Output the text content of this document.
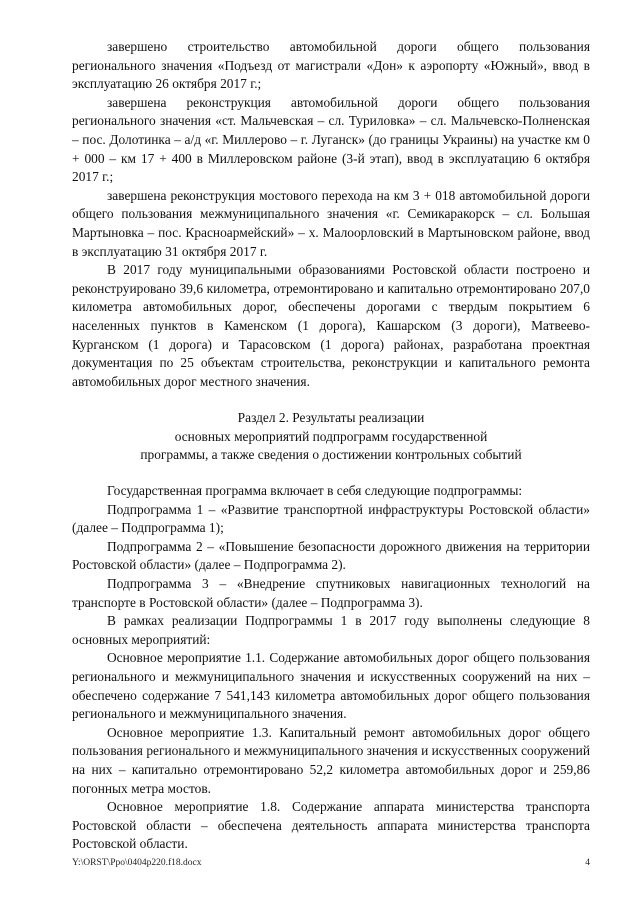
завершено строительство автомобильной дороги общего пользования регионального значения «Подъезд от магистрали «Дон» к аэропорту «Южный», ввод в эксплуатацию 26 октября 2017 г.;

завершена реконструкция автомобильной дороги общего пользования регионального значения «ст. Мальчевская – сл. Туриловка» – сл. Мальчевско-Полненская – пос. Долотинка – а/д «г. Миллерово – г. Луганск» (до границы Украины) на участке км 0 + 000 – км 17 + 400 в Миллеровском районе (3-й этап), ввод в эксплуатацию 6 октября 2017 г.;

завершена реконструкция мостового перехода на км 3 + 018 автомобильной дороги общего пользования межмуниципального значения «г. Семикаракорск – сл. Большая Мартыновка – пос. Красноармейский» – х. Малоорловский в Мартыновском районе, ввод в эксплуатацию 31 октября 2017 г.

В 2017 году муниципальными образованиями Ростовской области построено и реконструировано 39,6 километра, отремонтировано и капитально отремонтировано 207,0 километра автомобильных дорог, обеспечены дорогами с твердым покрытием 6 населенных пунктов в Каменском (1 дорога), Кашарском (3 дороги), Матвеево-Курганском (1 дорога) и Тарасовском (1 дорога) районах, разработана проектная документация по 25 объектам строительства, реконструкции и капитального ремонта автомобильных дорог местного значения.

Раздел 2. Результаты реализации
основных мероприятий подпрограмм государственной
программы, а также сведения о достижении контрольных событий

Государственная программа включает в себя следующие подпрограммы:

Подпрограмма 1 – «Развитие транспортной инфраструктуры Ростовской области» (далее – Подпрограмма 1);

Подпрограмма 2 – «Повышение безопасности дорожного движения на территории Ростовской области» (далее – Подпрограмма 2).

Подпрограмма 3 – «Внедрение спутниковых навигационных технологий на транспорте в Ростовской области» (далее – Подпрограмма 3).

В рамках реализации Подпрограммы 1 в 2017 году выполнены следующие 8 основных мероприятий:

Основное мероприятие 1.1. Содержание автомобильных дорог общего пользования регионального и межмуниципального значения и искусственных сооружений на них – обеспечено содержание 7 541,143 километра автомобильных дорог общего пользования регионального и межмуниципального значения.

Основное мероприятие 1.3. Капитальный ремонт автомобильных дорог общего пользования регионального и межмуниципального значения и искусственных сооружений на них – капитально отремонтировано 52,2 километра автомобильных дорог и 259,86 погонных метра мостов.

Основное мероприятие 1.8. Содержание аппарата министерства транспорта Ростовской области – обеспечена деятельность аппарата министерства транспорта Ростовской области.

Y:\ORST\Ppo\0404p220.f18.docx	4
